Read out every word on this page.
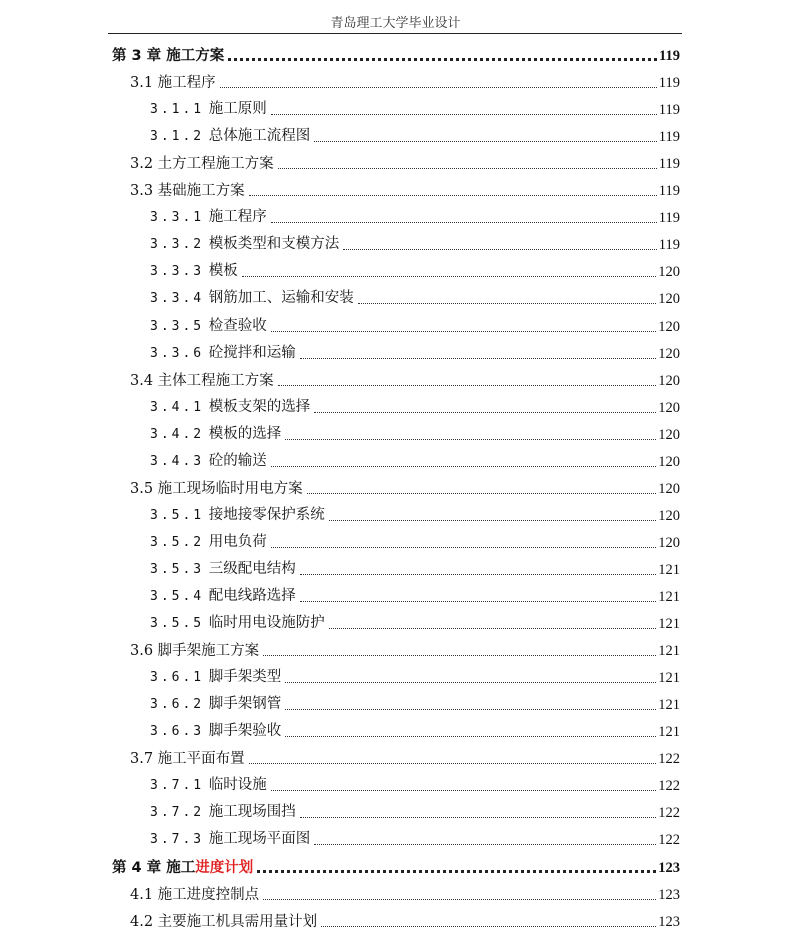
青岛理工大学毕业设计
第 3 章 施工方案	119
3.1 施工程序	119
3.1.1 施工原则	119
3.1.2 总体施工流程图	119
3.2 土方工程施工方案	119
3.3 基础施工方案	119
3.3.1 施工程序	119
3.3.2 模板类型和支模方法	119
3.3.3 模板	120
3.3.4 钢筋加工、运输和安装	120
3.3.5 检查验收	120
3.3.6 砼搅拌和运输	120
3.4 主体工程施工方案	120
3.4.1 模板支架的选择	120
3.4.2 模板的选择	120
3.4.3 砼的输送	120
3.5 施工现场临时用电方案	120
3.5.1 接地接零保护系统	120
3.5.2 用电负荷	120
3.5.3 三级配电结构	121
3.5.4 配电线路选择	121
3.5.5 临时用电设施防护	121
3.6 脚手架施工方案	121
3.6.1 脚手架类型	121
3.6.2 脚手架钢管	121
3.6.3 脚手架验收	121
3.7 施工平面布置	122
3.7.1 临时设施	122
3.7.2 施工现场围挡	122
3.7.3 施工现场平面图	122
第 4 章 施工进度计划	123
4.1 施工进度控制点	123
4.2 主要施工机具需用量计划	123
